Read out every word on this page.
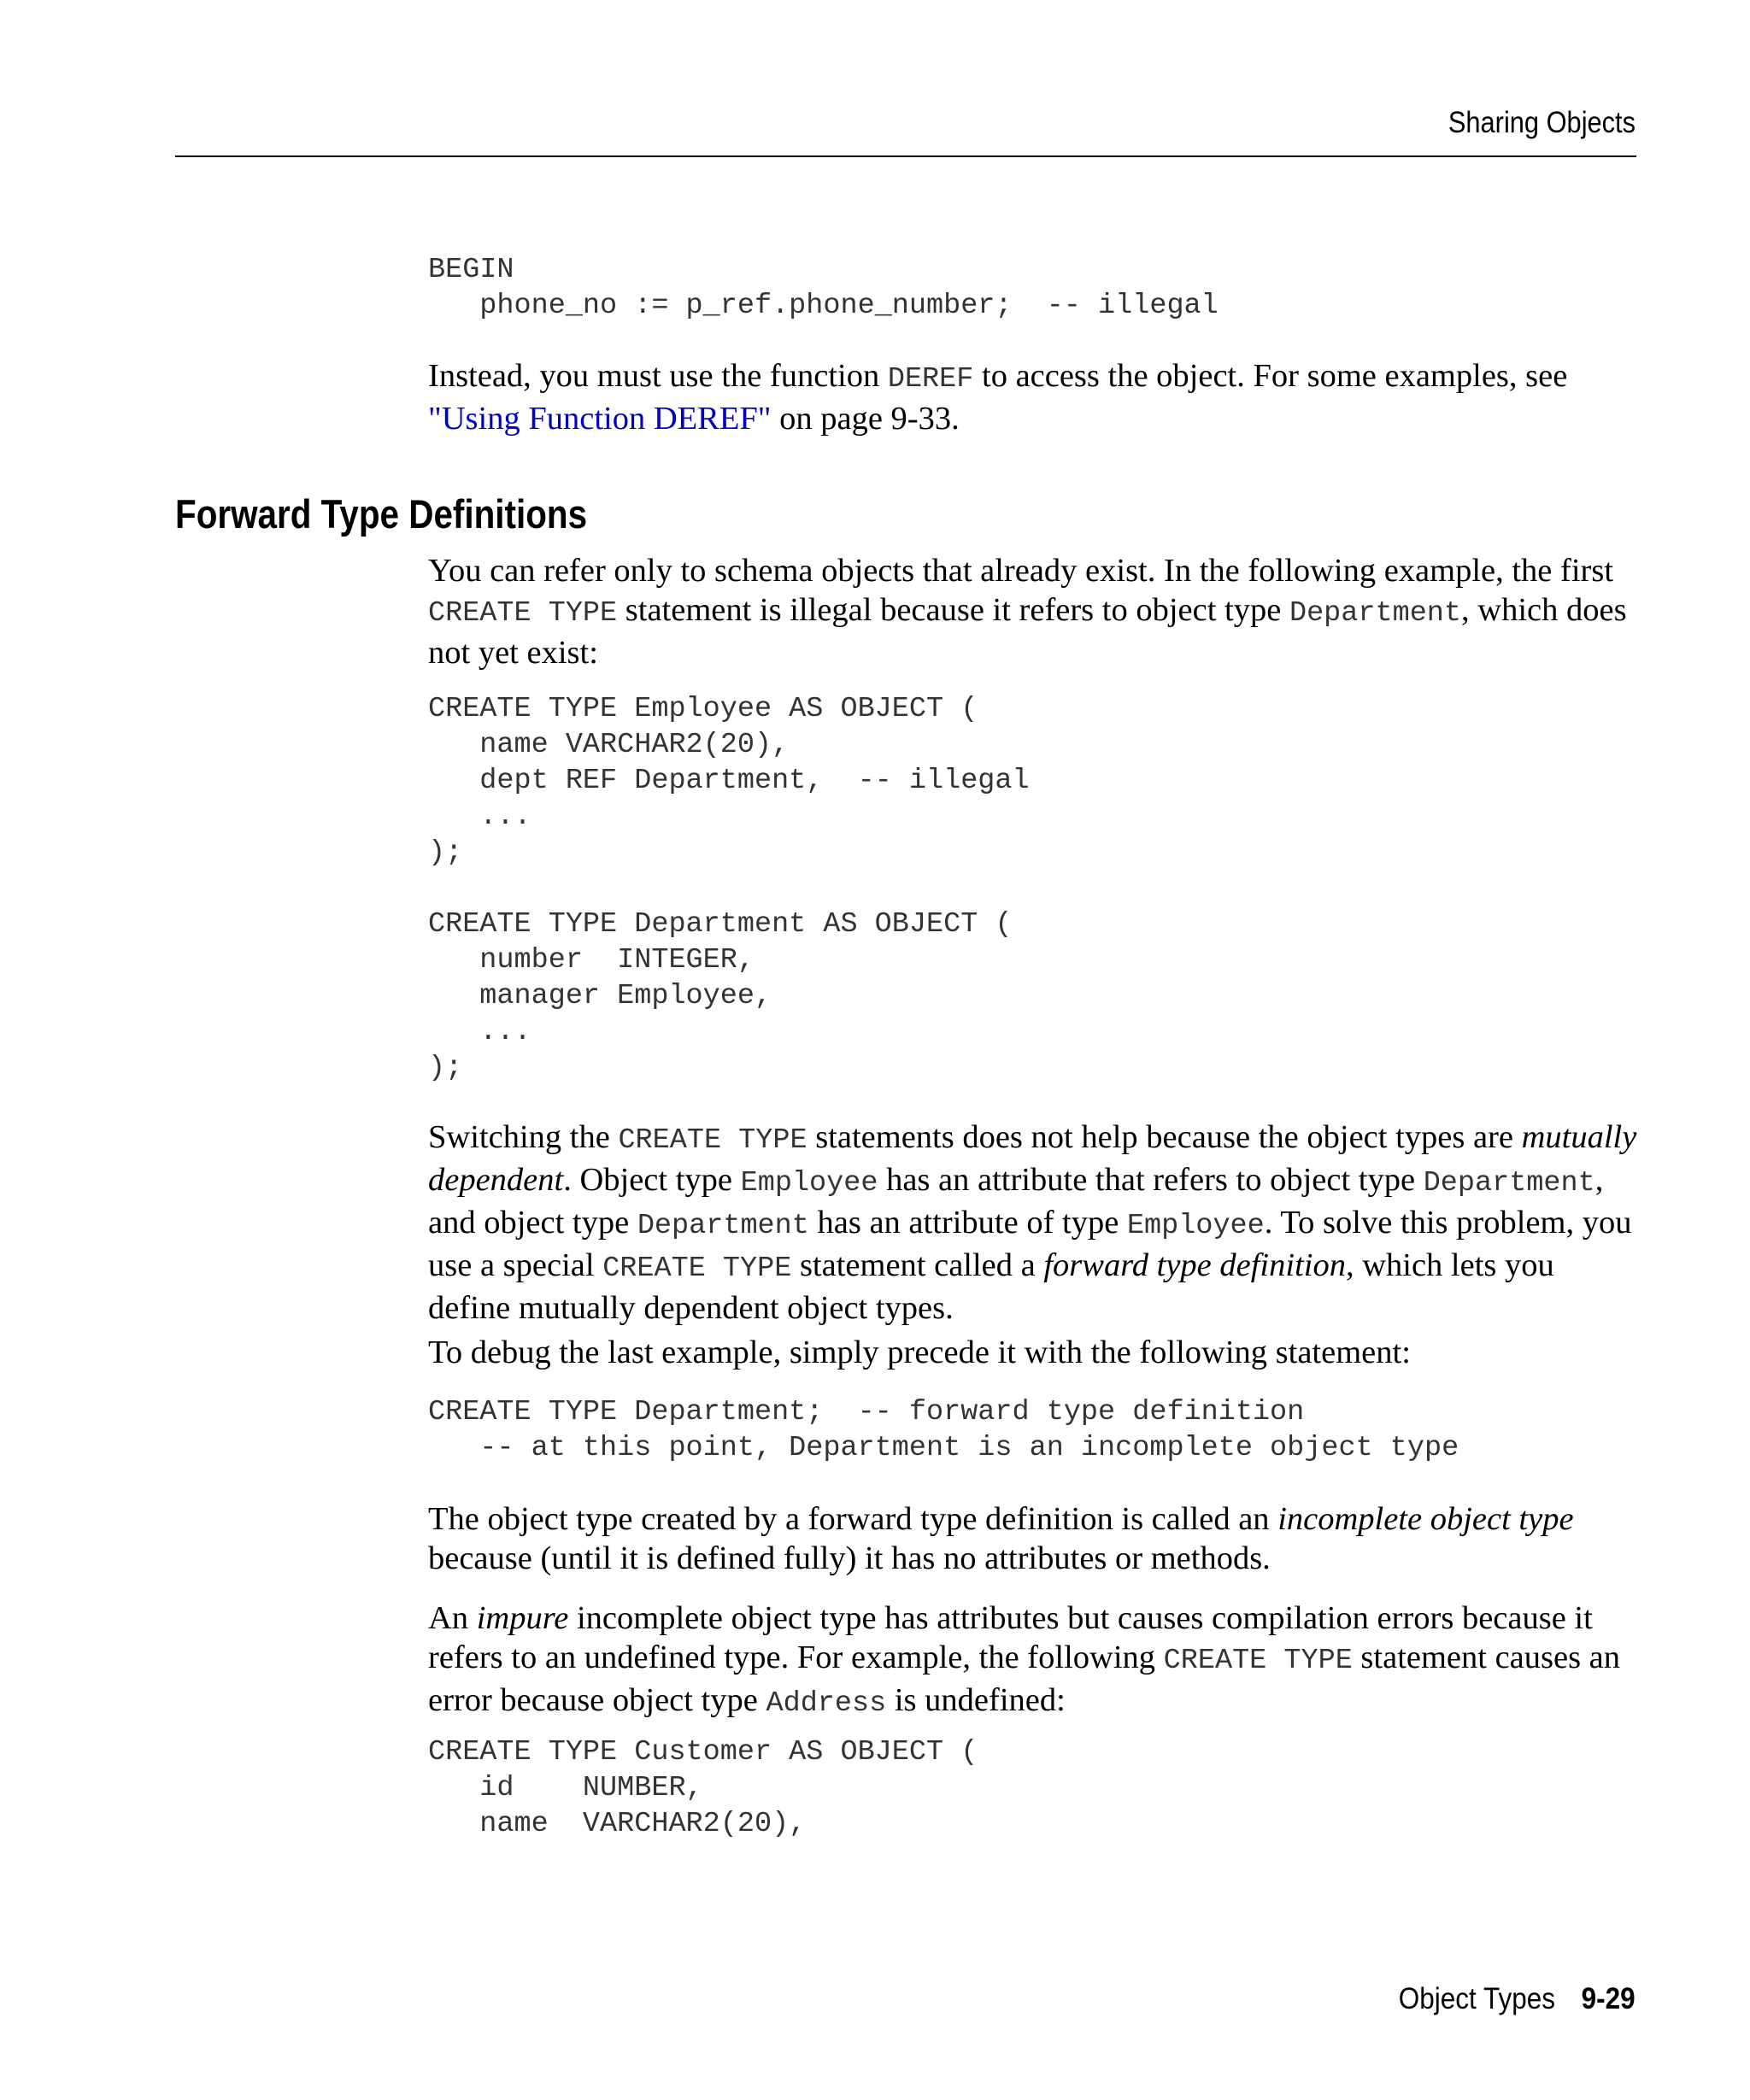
Sharing Objects
BEGIN
phone_no := p_ref.phone_number;  -- illegal

Instead, you must use the function DEREF to access the object. For some examples, see "Using Function DEREF" on page 9-33.

Forward Type Definitions

You can refer only to schema objects that already exist. In the following example, the first CREATE TYPE statement is illegal because it refers to object type Department, which does not yet exist:

CREATE TYPE Employee AS OBJECT (
name VARCHAR2(20),
dept REF Department,  -- illegal
...
);
CREATE TYPE Department AS OBJECT (
number  INTEGER,
manager Employee,
...
);

Switching the CREATE TYPE statements does not help because the object types are mutually dependent. Object type Employee has an attribute that refers to object type Department, and object type Department has an attribute of type Employee. To solve this problem, you use a special CREATE TYPE statement called a forward type definition, which lets you define mutually dependent object types.

To debug the last example, simply precede it with the following statement:

CREATE TYPE Department;  -- forward type definition
-- at this point, Department is an incomplete object type

The object type created by a forward type definition is called an incomplete object type because (until it is defined fully) it has no attributes or methods.

An impure incomplete object type has attributes but causes compilation errors because it refers to an undefined type. For example, the following CREATE TYPE statement causes an error because object type Address is undefined:

CREATE TYPE Customer AS OBJECT (
id    NUMBER,
name  VARCHAR2(20),
Object Types 9-29
